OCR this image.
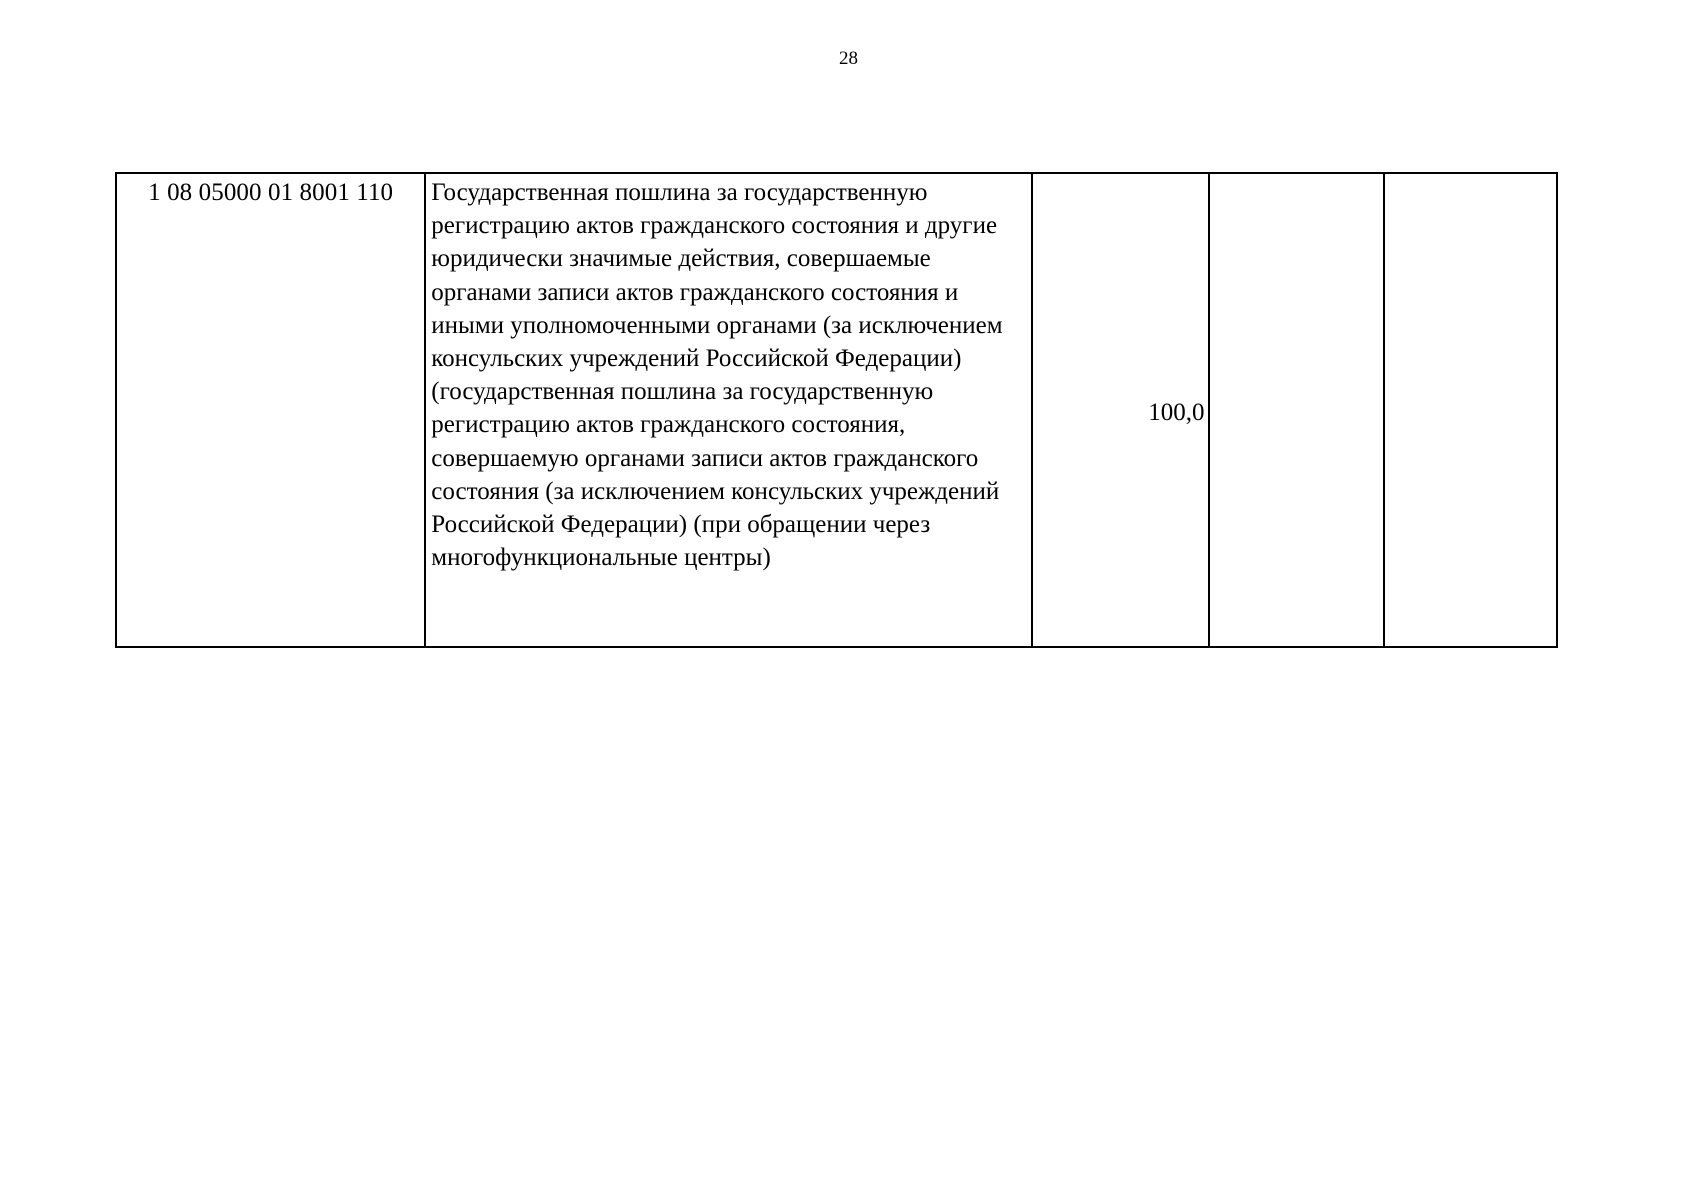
28
1 08 05000 01 8001 110	Государственная пошлина за государственную регистрацию актов гражданского состояния и другие юридически значимые действия, совершаемые органами записи актов гражданского состояния и иными уполномоченными органами (за исключением консульских учреждений Российской Федерации) (государственная пошлина за государственную регистрацию актов гражданского состояния, совершаемую органами записи актов гражданского состояния (за исключением консульских учреждений Российской Федерации) (при обращении через многофункциональные центры)	100,0		
